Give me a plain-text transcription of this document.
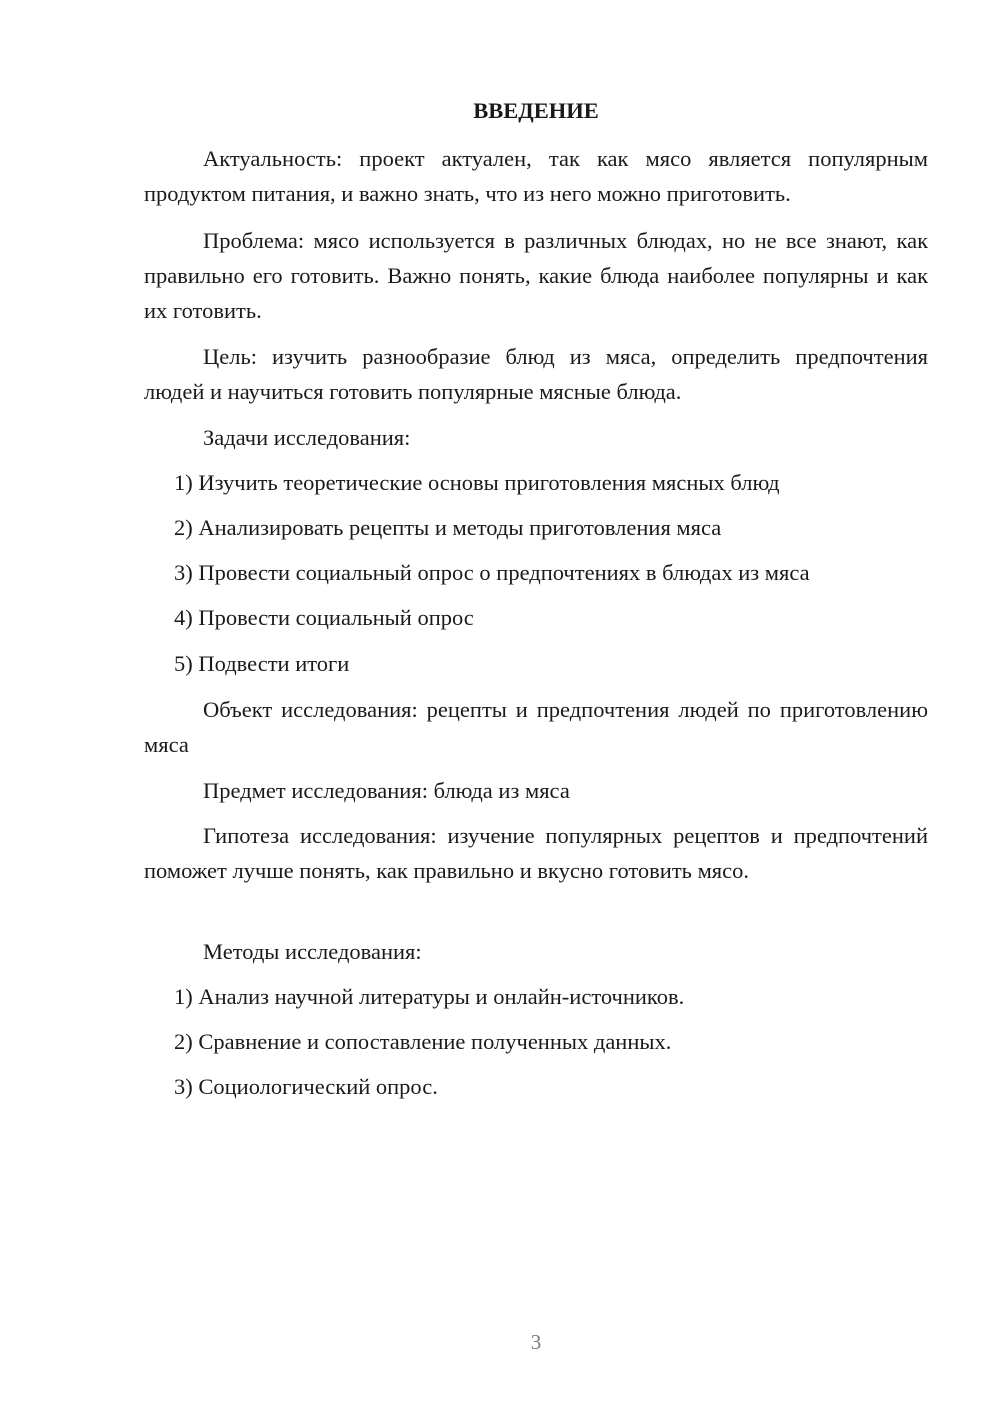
ВВЕДЕНИЕ

Актуальность: проект актуален, так как мясо является популярным продуктом питания, и важно знать, что из него можно приготовить.

Проблема: мясо используется в различных блюдах, но не все знают, как правильно его готовить. Важно понять, какие блюда наиболее популярны и как их готовить.

Цель: изучить разнообразие блюд из мяса, определить предпочтения людей и научиться готовить популярные мясные блюда.

Задачи исследования:

1) Изучить теоретические основы приготовления мясных блюд

2) Анализировать рецепты и методы приготовления мяса

3) Провести социальный опрос о предпочтениях в блюдах из мяса

4) Провести социальный опрос

5) Подвести итоги

Объект исследования: рецепты и предпочтения людей по приготовлению мяса

Предмет исследования: блюда из мяса

Гипотеза исследования: изучение популярных рецептов и предпочтений поможет лучше понять, как правильно и вкусно готовить мясо.

Методы исследования:

1) Анализ научной литературы и онлайн-источников.

2) Сравнение и сопоставление полученных данных.

3) Социологический опрос.

3
